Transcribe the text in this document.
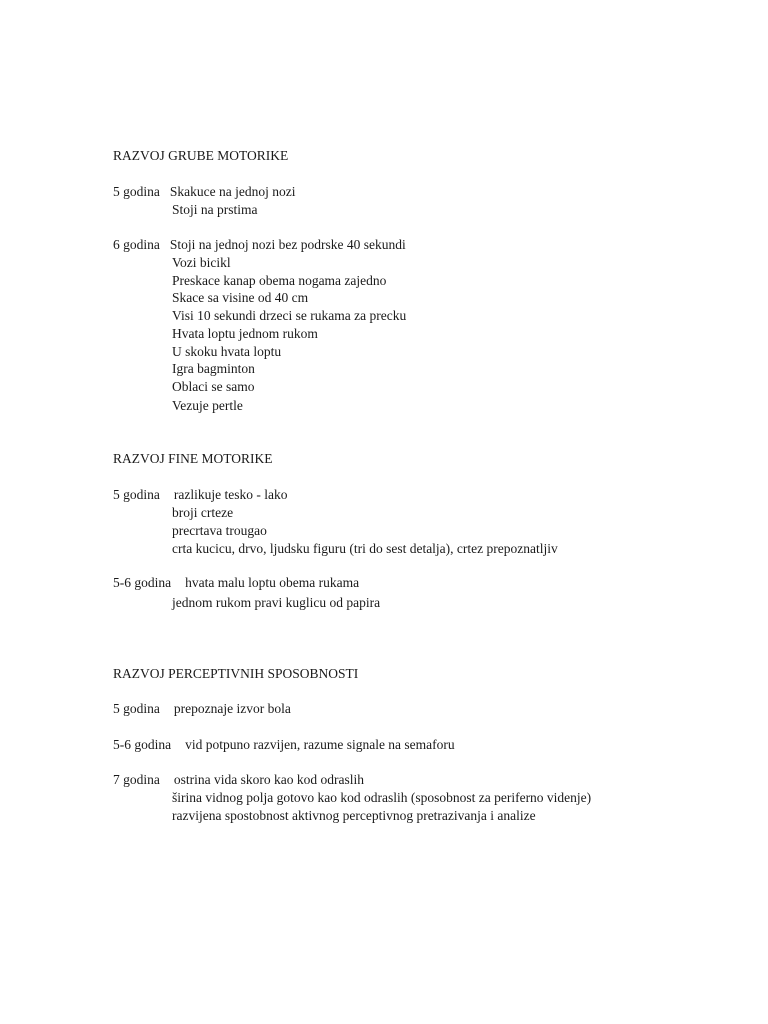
RAZVOJ GRUBE MOTORIKE
5 godina Skakuce na jednoj nozi
Stoji na prstima
6 godina Stoji na jednoj nozi bez podrske 40 sekundi
Vozi bicikl
Preskace kanap obema nogama zajedno
Skace sa visine od 40 cm
Visi 10 sekundi drzeci se rukama za precku
Hvata loptu jednom rukom
U skoku hvata loptu
Igra bagminton
Oblaci se samo
Vezuje pertle
RAZVOJ FINE MOTORIKE
5 godina razlikuje tesko - lako
broji crteze
precrtava trougao
crta kucicu, drvo, ljudsku figuru (tri do sest detalja), crtez prepoznatljiv
5-6 godina hvata malu loptu obema rukama
jednom rukom pravi kuglicu od papira
RAZVOJ PERCEPTIVNIH SPOSOBNOSTI
5 godina prepoznaje izvor bola
5-6 godina vid potpuno razvijen, razume signale na semaforu
7 godina ostrina vida skoro kao kod odraslih
širina vidnog polja gotovo kao kod odraslih (sposobnost za periferno videnje)
razvijena spostobnost aktivnog perceptivnog pretrazivanja i analize
